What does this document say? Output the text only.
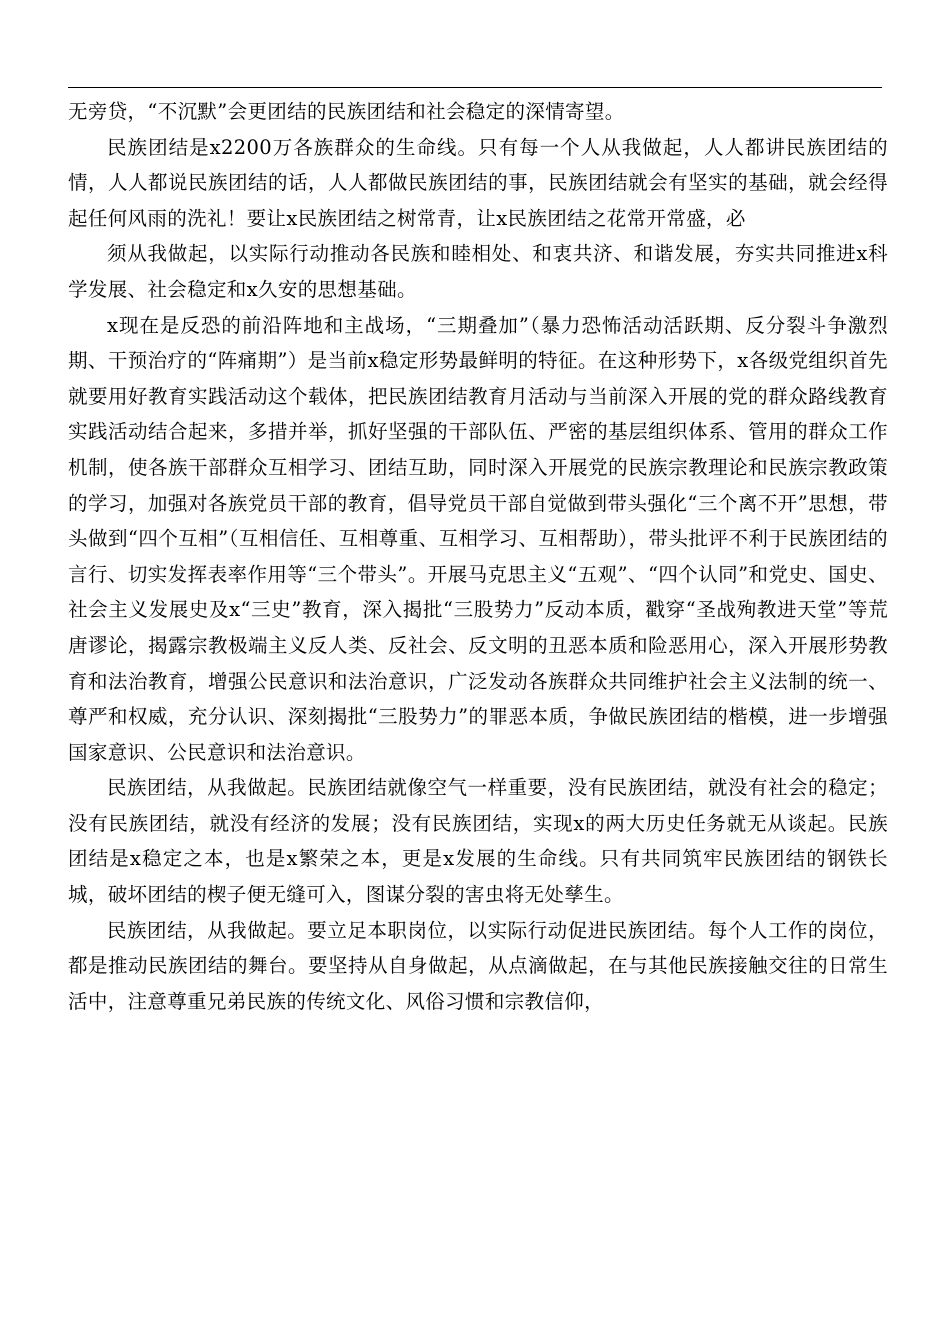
无旁贷，“不沉默”会更团结的民族团结和社会稳定的深情寄望。

民族团结是x2200万各族群众的生命线。只有每一个人从我做起，人人都讲民族团结的情，人人都说民族团结的话，人人都做民族团结的事，民族团结就会有坚实的基础，就会经得起任何风雨的洗礼！要让x民族团结之树常青，让x民族团结之花常开常盛，必

须从我做起，以实际行动推动各民族和睦相处、和衷共济、和谐发展，夯实共同推进x科学发展、社会稳定和x久安的思想基础。

x现在是反恐的前沿阵地和主战场，“三期叠加”（暴力恐怖活动活跃期、反分裂斗争激烈期、干预治疗的“阵痛期”）是当前x稳定形势最鲜明的特征。在这种形势下，x各级党组织首先就要用好教育实践活动这个载体，把民族团结教育月活动与当前深入开展的党的群众路线教育实践活动结合起来，多措并举，抓好坚强的干部队伍、严密的基层组织体系、管用的群众工作机制，使各族干部群众互相学习、团结互助，同时深入开展党的民族宗教理论和民族宗教政策的学习，加强对各族党员干部的教育，倡导党员干部自觉做到带头强化“三个离不开”思想，带头做到“四个互相”（互相信任、互相尊重、互相学习、互相帮助），带头批评不利于民族团结的言行、切实发挥表率作用等“三个带头”。开展马克思主义“五观”、“四个认同”和党史、国史、社会主义发展史及x“三史”教育，深入揭批“三股势力”反动本质，戳穿“圣战殉教进天堂”等荒唐谬论，揭露宗教极端主义反人类、反社会、反文明的丑恶本质和险恶用心，深入开展形势教育和法治教育，增强公民意识和法治意识，广泛发动各族群众共同维护社会主义法制的统一、尊严和权威，充分认识、深刻揭批“三股势力”的罪恶本质，争做民族团结的楷模，进一步增强国家意识、公民意识和法治意识。

民族团结，从我做起。民族团结就像空气一样重要，没有民族团结，就没有社会的稳定；没有民族团结，就没有经济的发展；没有民族团结，实现x的两大历史任务就无从谈起。民族团结是x稳定之本，也是x繁荣之本，更是x发展的生命线。只有共同筑牢民族团结的钢铁长城，破坏团结的楔子便无缝可入，图谋分裂的害虫将无处孳生。

民族团结，从我做起。要立足本职岗位，以实际行动促进民族团结。每个人工作的岗位，都是推动民族团结的舞台。要坚持从自身做起，从点滴做起，在与其他民族接触交往的日常生活中，注意尊重兄弟民族的传统文化、风俗习惯和宗教信仰，
